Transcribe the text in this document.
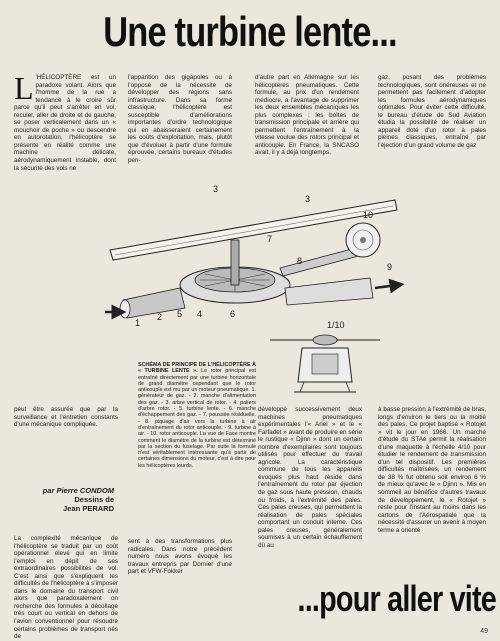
Une turbine lente...
L 'HÉLICOPTÈRE est un paradoxe volant. Alors que l'homme de la rue a tendance à le croire sûr parce qu'il peut s'arrêter en vol, reculer, aller de droite et de gauche, se poser verticalement dans un « mouchoir de poche » ou descendre en autorotation, l'hélicoptère se présente en réalité comme une machine délicate, aérodynamiquement instable, dont la sécurité des vols ne
l'apparition des gigapoles ou à l'opposé de la nécessité de développer des régions sans infrastructure. Dans sa forme classique, l'hélicoptère est susceptible d'améliorations importantes d'ordre technologique qui en abaisseraient certainement les coûts d'exploitation, mais, plutôt que d'évoluer à partir d'une formule éprouvée, certains bureaux d'études pen-
d'autre part en Allemagne sur les hélicoptères pneumatiques. Cette formule, au prix d'un rendement médiocre, a l'avantage de supprimer les deux ensembles mécaniques les plus complexes : les boîtes de transmission principale et arrière qui permettent l'entraînement à la vitesse voulue des rotors principal et anticouple. En France, la SNCASO avait, il y a déjà longtemps,
gaz, posant des problèmes technologiques, sont onéreuses et ne permettent pas facilement d'adopter les formules aérodynamiques optimales. Pour éviter cette difficulté, le bureau d'étude de Sud Aviation étudia la possibilité de réaliser un appareil doté d'un rotor à pales pleines classiques, entraîné par l'éjection d'un grand volume de gaz
1
2
3
4
5	6
7
8
9
10
3
1/10
SCHÉMA DE PRINCIPE DE L'HÉLICOPTÈRE À « TURBINE LENTE ». Le rotor principal est entraîné directement par une turbine horizontale de grand diamètre cependant que le rotor anticouple est mu par un moteur pneumatique. 1. générateur de gaz. - 2. manche d'alimentation des gaz. - 3. arbre vertical de rotor. - 4. paliers d'arbre rotor. - 5. turbine lente. - 6. manche d'échappement des gaz. - 7. poussée résiduelle. - 8. piquage d'air vers la turbine à air d'entraînement du rotor anticouple. - 9. turbine à air. - 10. rotor anticouple. La vue de Face montre comment le diamètre de la turbine est déterminé par la section du fuselage. Par suite la formule n'est véritablement intéressante qu'à partir de certaines dimensions du moteur, c'est à dire pour les hélicoptères lourds.
peut être assurée que par la surveillance et l'entretien constants d'une mécanique compliquée.
par Pierre CONDOM
Dessins de
Jean PERARD
La complexité mécanique de l'hélicoptère se traduit par un coût opérationnel élevé qui en limite l'emploi en dépit de ses extraordinaires possibilités de vol. C'est ainsi que s'expliquent les difficultés de l'hélicoptère à s'imposer dans le domaine du transport civil alors que paradoxalement on recherche des formules à décollage très court ou vertical en dehors de l'avion conventionnel pour résoudre certains problèmes de transport nés de
sent à des transformations plus radicales. Dans notre précédent numéro nous avons évoqué les travaux entrepris par Dornier d'une part et VFW-Fokker
développé successivement deux machines pneumatiques expérimentales l'« Ariel » et le « Farfadet » avant de produire en série le rustique « Djinn » dont un certain nombre d'exemplaires sont toujours utilisés pour effectuer du travail agricole. La caractéristique commune de tous les appareils évoqués plus haut réside dans l'entraînement du rotor par éjection de gaz sous haute pression, chauds ou froids, à l'extrémité des pales. Ces pales creuses, qui permettent la réalisation de pales spéciales comportant un conduit interne. Ces pales creuses, généralement soumises à un certain échauffement dû au
à basse pression à l'extrémité de bras, longs d'environ le tiers ou la moitié des pales. Ce projet baptisé « Rotojet » vit le jour en 1966. Un marché d'étude du STAé permit la réalisation d'une maquette à l'échelle 4/10 pour étudier le rendement de transmission d'un tel dispositif. Les premières difficultés maîtrisées, un rendement de 38 % fut obtenu soit environ 6 % de mieux qu'avec le « Djinn ». Mis en sommeil au bénéfice d'autres travaux de développement, le « Rotojet » reste pour l'instant au moins dans les cartons de l'Aérospatiale que la nécessité d'assurer un avenir à moyen terme a orienté
...pour aller vite
49
